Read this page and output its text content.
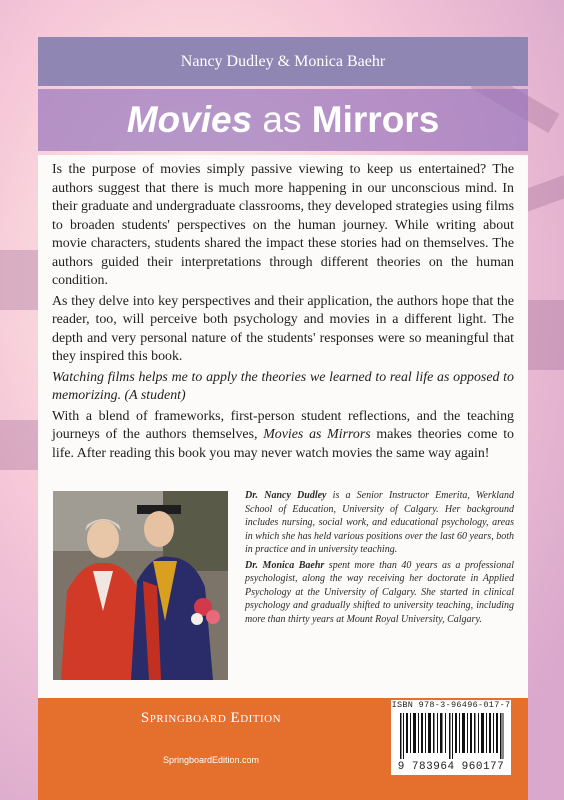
Nancy Dudley & Monica Baehr
Movies as Mirrors

Is the purpose of movies simply passive viewing to keep us entertained? The authors suggest that there is much more happening in our unconscious mind. In their graduate and undergraduate classrooms, they developed strategies using films to broaden students' perspectives on the human journey. While writing about movie characters, students shared the impact these stories had on themselves. The authors guided their interpretations through different theories on the human condition.

As they delve into key perspectives and their application, the authors hope that the reader, too, will perceive both psychology and movies in a different light. The depth and very personal nature of the students' responses were so meaningful that they inspired this book.

Watching films helps me to apply the theories we learned to real life as opposed to memorizing. (A student)

With a blend of frameworks, first-person student reflections, and the teaching journeys of the authors themselves, Movies as Mirrors makes theories come to life. After reading this book you may never watch movies the same way again!

Dr. Nancy Dudley is a Senior Instructor Emerita, Werkland School of Education, University of Calgary. Her background includes nursing, social work, and educational psychology, areas in which she has held various positions over the last 60 years, both in practice and in university teaching.

Dr. Monica Baehr spent more than 40 years as a professional psychologist, along the way receiving her doctorate in Applied Psychology at the University of Calgary. She started in clinical psychology and gradually shifted to university teaching, including more than thirty years at Mount Royal University, Calgary.

Springboard Edition
SpringboardEdition.com
ISBN 978-3-96496-017-7
9 783964 960177
